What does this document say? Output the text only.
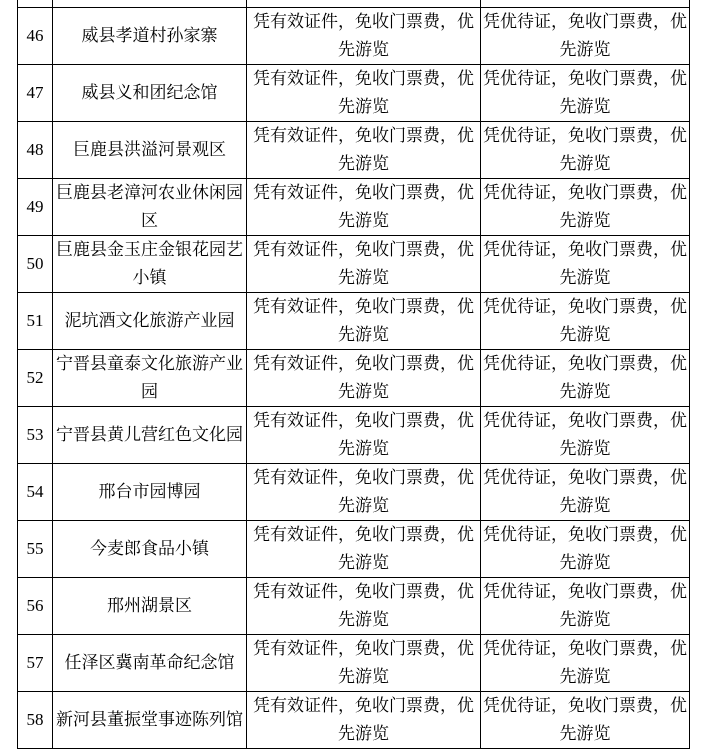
46	威县孝道村孙家寨	凭有效证件，免收门票费，优先游览	凭优待证，免收门票费，优先游览
47	威县义和团纪念馆	凭有效证件，免收门票费，优先游览	凭优待证，免收门票费，优先游览
48	巨鹿县洪溢河景观区	凭有效证件，免收门票费，优先游览	凭优待证，免收门票费，优先游览
49	巨鹿县老漳河农业休闲园区	凭有效证件，免收门票费，优先游览	凭优待证，免收门票费，优先游览
50	巨鹿县金玉庄金银花园艺小镇	凭有效证件，免收门票费，优先游览	凭优待证，免收门票费，优先游览
51	泥坑酒文化旅游产业园	凭有效证件，免收门票费，优先游览	凭优待证，免收门票费，优先游览
52	宁晋县童泰文化旅游产业园	凭有效证件，免收门票费，优先游览	凭优待证，免收门票费，优先游览
53	宁晋县黄儿营红色文化园	凭有效证件，免收门票费，优先游览	凭优待证，免收门票费，优先游览
54	邢台市园博园	凭有效证件，免收门票费，优先游览	凭优待证，免收门票费，优先游览
55	今麦郎食品小镇	凭有效证件，免收门票费，优先游览	凭优待证，免收门票费，优先游览
56	邢州湖景区	凭有效证件，免收门票费，优先游览	凭优待证，免收门票费，优先游览
57	任泽区冀南革命纪念馆	凭有效证件，免收门票费，优先游览	凭优待证，免收门票费，优先游览
58	新河县董振堂事迹陈列馆	凭有效证件，免收门票费，优先游览	凭优待证，免收门票费，优先游览
